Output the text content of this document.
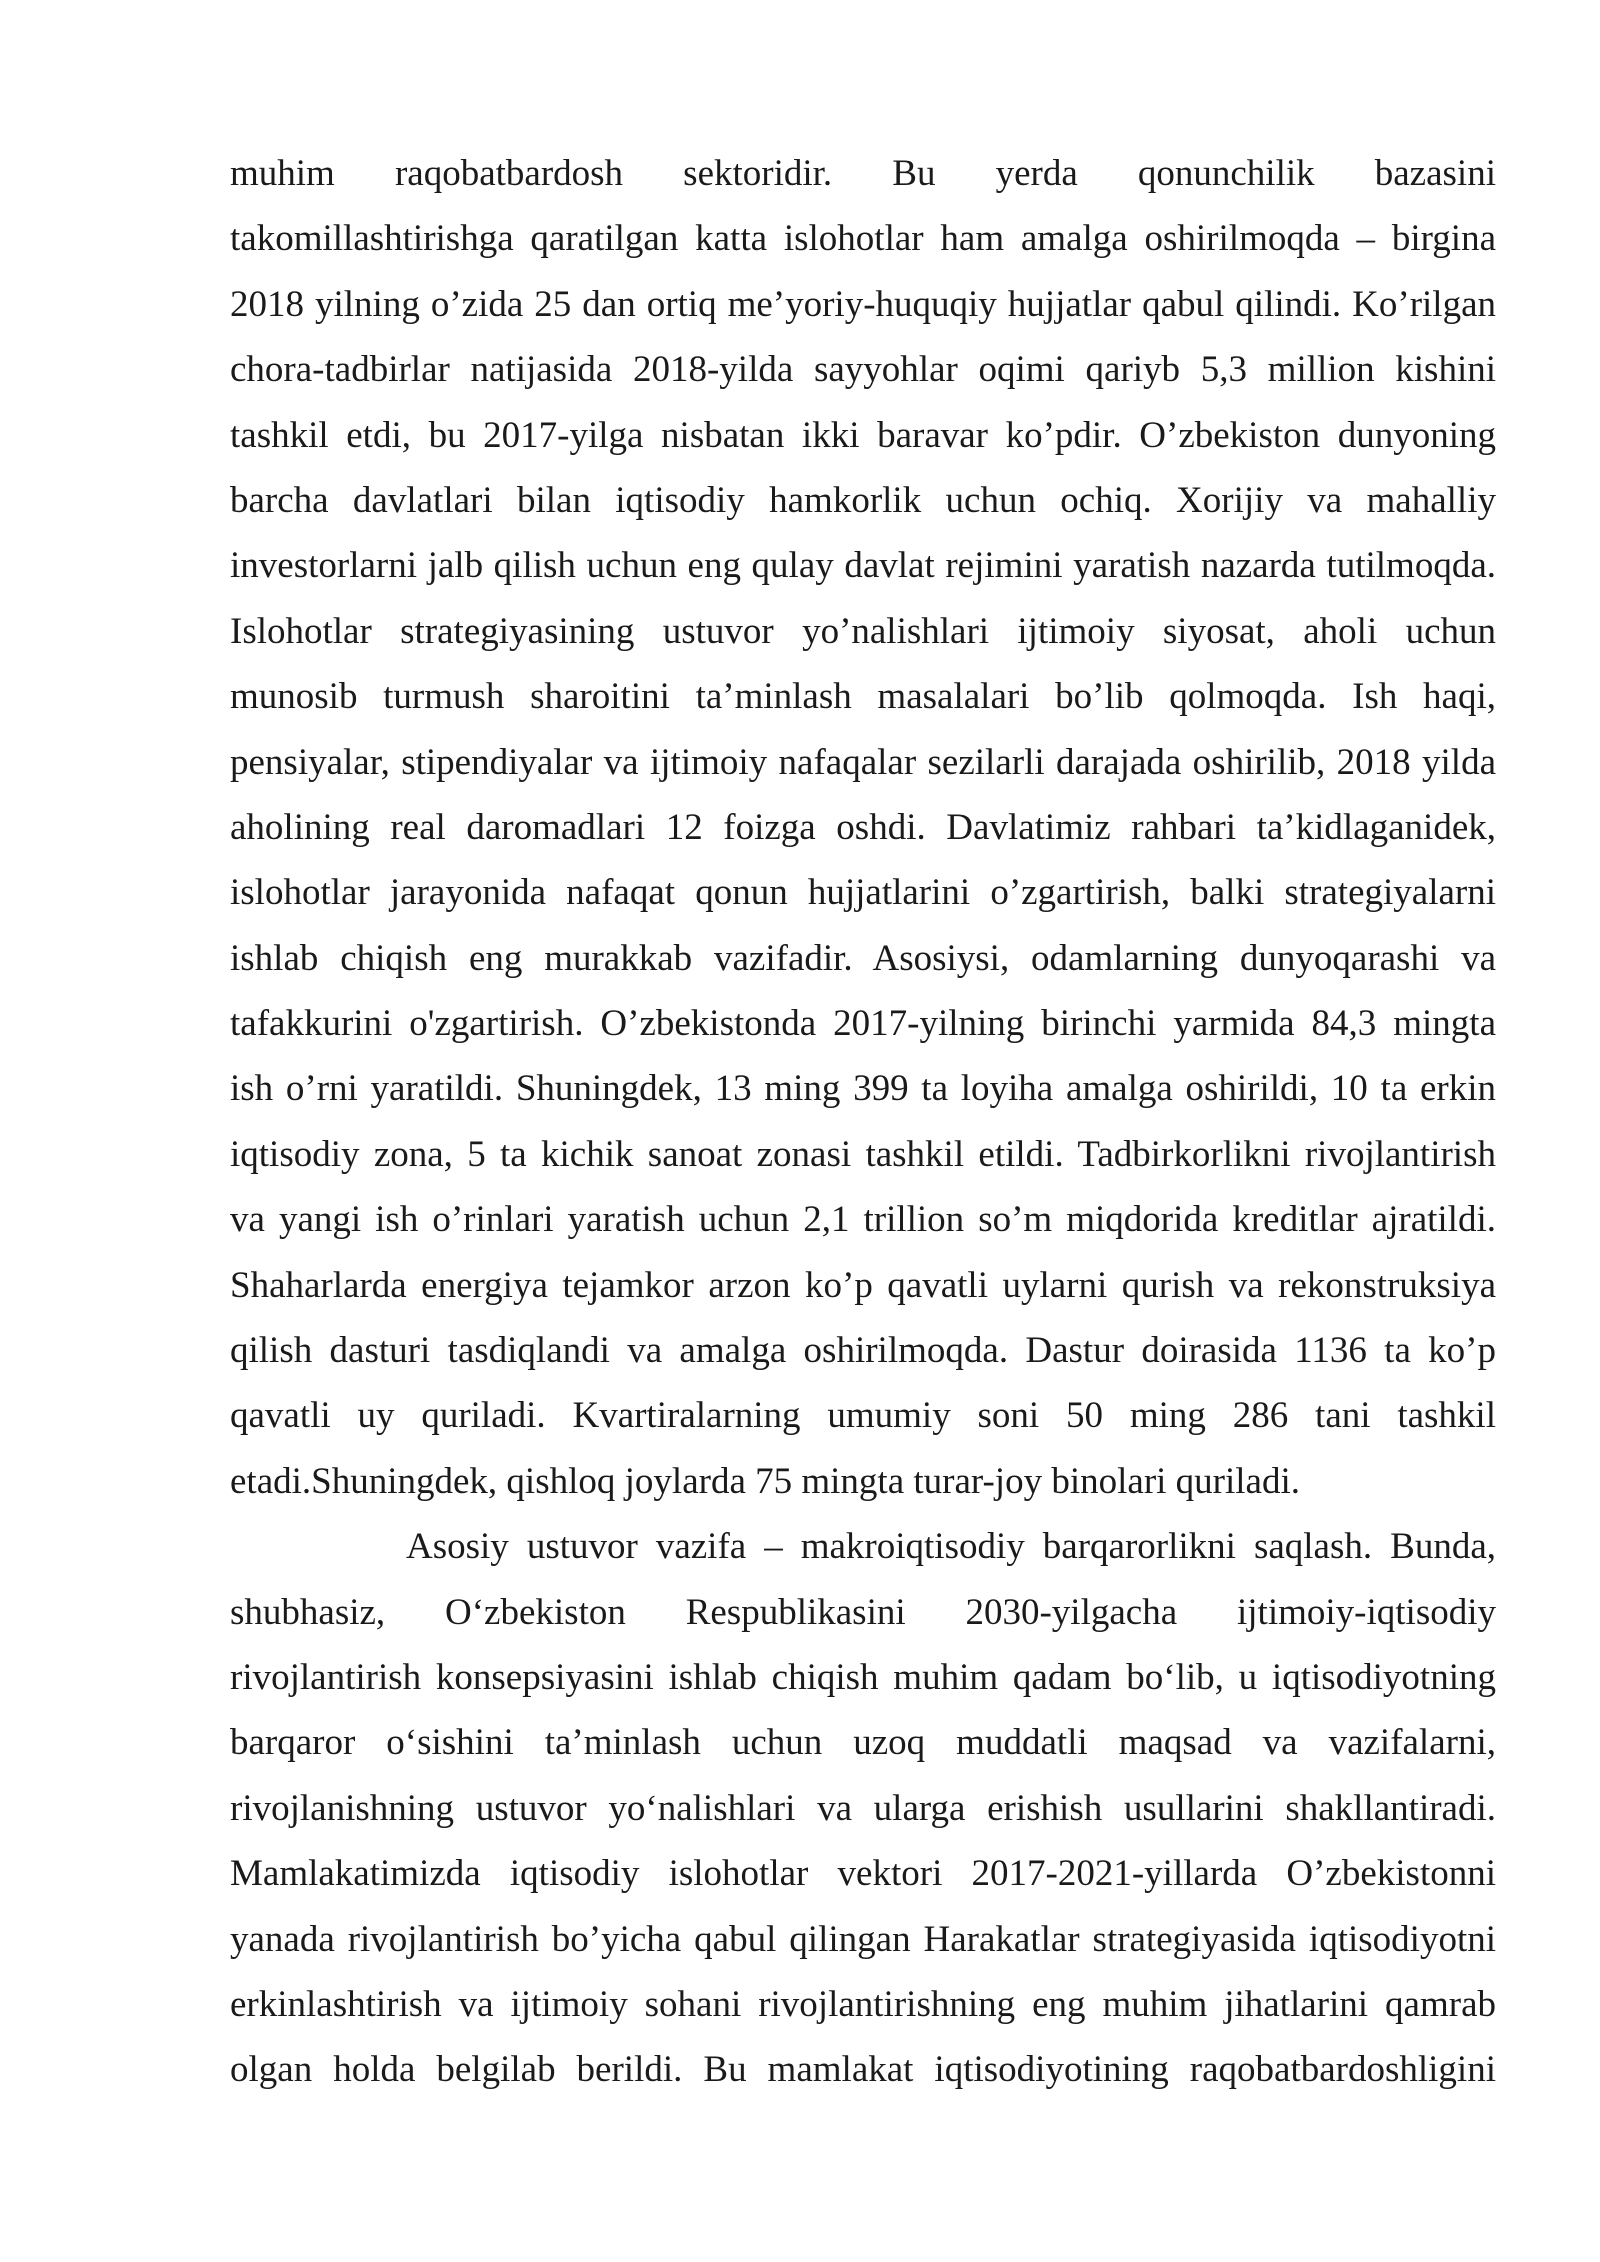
muhim raqobatbardosh sektoridir. Bu yerda qonunchilik bazasini
takomillashtirishga qaratilgan katta islohotlar ham amalga oshirilmoqda – birgina
2018 yilning o’zida 25 dan ortiq me’yoriy-huquqiy hujjatlar qabul qilindi. Ko’rilgan
chora-tadbirlar natijasida 2018-yilda sayyohlar oqimi qariyb 5,3 million kishini
tashkil etdi, bu 2017-yilga nisbatan ikki baravar ko’pdir. O’zbekiston dunyoning
barcha davlatlari bilan iqtisodiy hamkorlik uchun ochiq. Xorijiy va mahalliy
investorlarni jalb qilish uchun eng qulay davlat rejimini yaratish nazarda tutilmoqda.
Islohotlar strategiyasining ustuvor yo’nalishlari ijtimoiy siyosat, aholi uchun
munosib turmush sharoitini ta’minlash masalalari bo’lib qolmoqda. Ish haqi,
pensiyalar, stipendiyalar va ijtimoiy nafaqalar sezilarli darajada oshirilib, 2018 yilda
aholining real daromadlari 12 foizga oshdi. Davlatimiz rahbari ta’kidlaganidek,
islohotlar jarayonida nafaqat qonun hujjatlarini o’zgartirish, balki strategiyalarni
ishlab chiqish eng murakkab vazifadir. Asosiysi, odamlarning dunyoqarashi va
tafakkurini o'zgartirish. O’zbekistonda 2017-yilning birinchi yarmida 84,3 mingta
ish o’rni yaratildi. Shuningdek, 13 ming 399 ta loyiha amalga oshirildi, 10 ta erkin
iqtisodiy zona, 5 ta kichik sanoat zonasi tashkil etildi. Tadbirkorlikni rivojlantirish
va yangi ish o’rinlari yaratish uchun 2,1 trillion so’m miqdorida kreditlar ajratildi.
Shaharlarda energiya tejamkor arzon ko’p qavatli uylarni qurish va rekonstruksiya
qilish dasturi tasdiqlandi va amalga oshirilmoqda. Dastur doirasida 1136 ta ko’p
qavatli uy quriladi. Kvartiralarning umumiy soni 50 ming 286 tani tashkil
etadi.Shuningdek, qishloq joylarda 75 mingta turar-joy binolari quriladi.
Asosiy ustuvor vazifa – makroiqtisodiy barqarorlikni saqlash. Bunda,
shubhasiz, O‘zbekiston Respublikasini 2030-yilgacha ijtimoiy-iqtisodiy
rivojlantirish konsepsiyasini ishlab chiqish muhim qadam bo‘lib, u iqtisodiyotning
barqaror o‘sishini ta’minlash uchun uzoq muddatli maqsad va vazifalarni,
rivojlanishning ustuvor yo‘nalishlari va ularga erishish usullarini shakllantiradi.
Mamlakatimizda iqtisodiy islohotlar vektori 2017-2021-yillarda O’zbekistonni
yanada rivojlantirish bo’yicha qabul qilingan Harakatlar strategiyasida iqtisodiyotni
erkinlashtirish va ijtimoiy sohani rivojlantirishning eng muhim jihatlarini qamrab
olgan holda belgilab berildi. Bu mamlakat iqtisodiyotining raqobatbardoshligini
